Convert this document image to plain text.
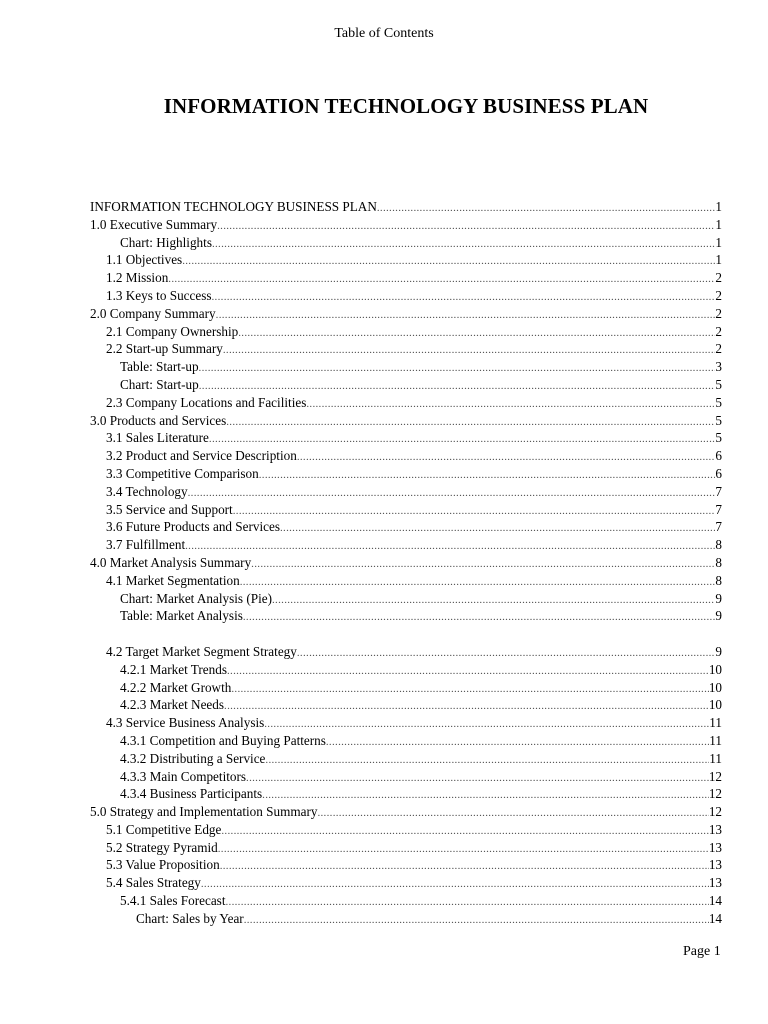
Table of Contents
INFORMATION TECHNOLOGY BUSINESS PLAN
INFORMATION TECHNOLOGY BUSINESS PLAN .....	1
1.0 Executive Summary .....	1
Chart: Highlights .....	1
1.1 Objectives .....	1
1.2 Mission .....	2
1.3 Keys to Success .....	2
2.0 Company Summary .....	2
2.1 Company Ownership .....	2
2.2 Start-up Summary .....	2
Table: Start-up .....	3
Chart: Start-up .....	5
2.3 Company Locations and Facilities .....	5
3.0 Products and Services .....	5
3.1 Sales Literature .....	5
3.2 Product and Service Description .....	6
3.3 Competitive Comparison .....	6
3.4 Technology .....	7
3.5 Service and Support .....	7
3.6 Future Products and Services .....	7
3.7 Fulfillment .....	8
4.0 Market Analysis Summary .....	8
4.1 Market Segmentation .....	8
Chart: Market Analysis (Pie) .....	9
Table: Market Analysis .....	9
4.2 Target Market Segment Strategy .....	9
4.2.1 Market Trends .....	10
4.2.2 Market Growth .....	10
4.2.3 Market Needs .....	10
4.3 Service Business Analysis .....	11
4.3.1 Competition and Buying Patterns .....	11
4.3.2 Distributing a Service .....	11
4.3.3 Main Competitors .....	12
4.3.4 Business Participants .....	12
5.0 Strategy and Implementation Summary .....	12
5.1 Competitive Edge .....	13
5.2 Strategy Pyramid .....	13
5.3 Value Proposition .....	13
5.4 Sales Strategy .....	13
5.4.1 Sales Forecast .....	14
Chart: Sales by Year .....	14
Page 1
